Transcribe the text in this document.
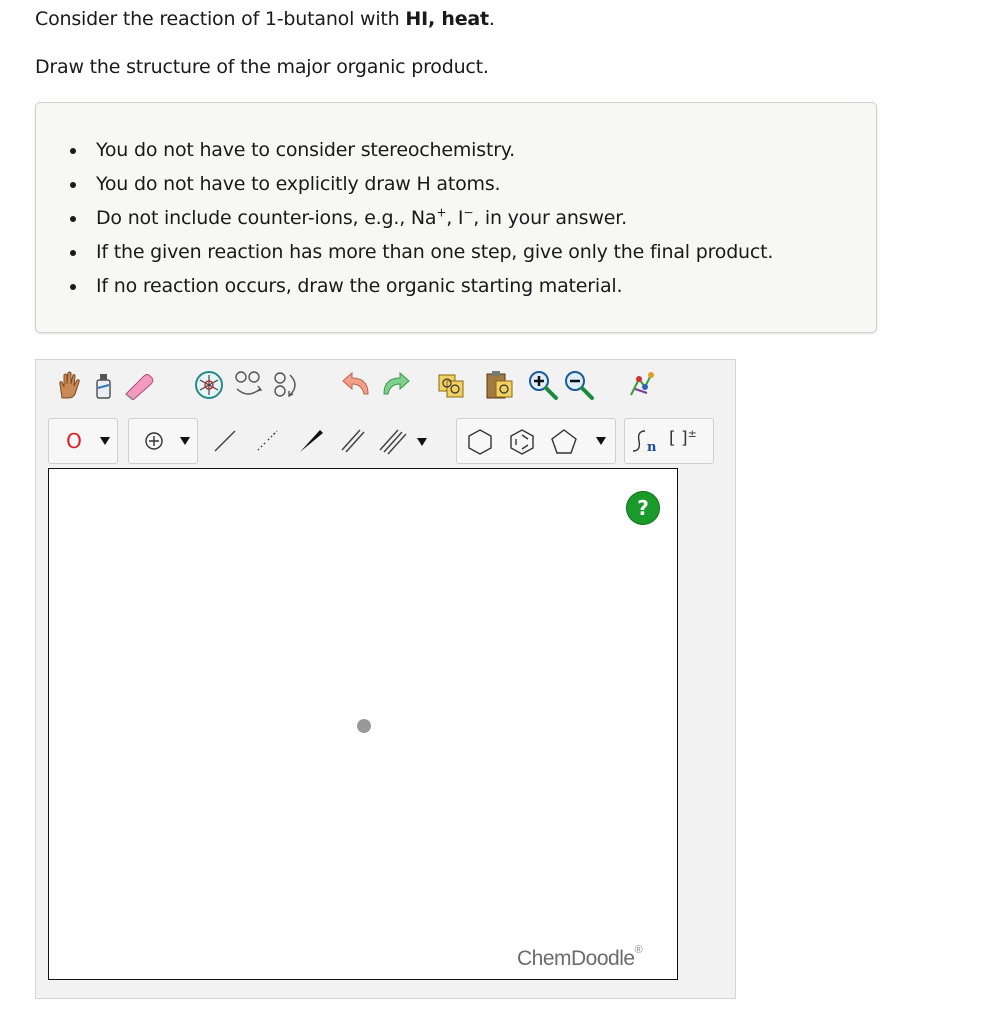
Consider the reaction of 1-butanol with HI, heat.
Draw the structure of the major organic product.
You do not have to consider stereochemistry.
You do not have to explicitly draw H atoms.
Do not include counter-ions, e.g., Na+, I−, in your answer.
If the given reaction has more than one step, give only the final product.
If no reaction occurs, draw the organic starting material.
O	n [ ]±
?
ChemDoodle®
